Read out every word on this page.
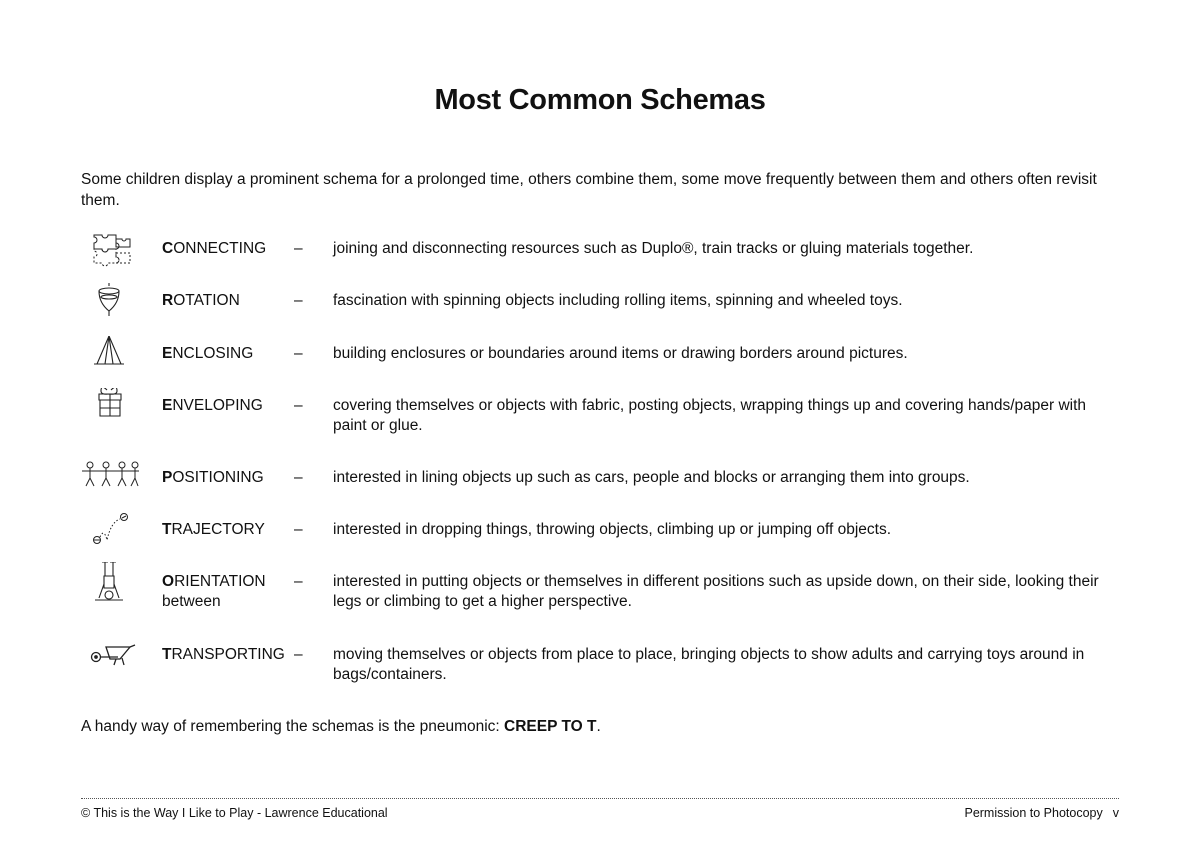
Most Common Schemas

Some children display a prominent schema for a prolonged time, others combine them, some move frequently between them and others often revisit them.

CONNECTING	– joining and disconnecting resources such as Duplo®, train tracks or gluing materials together.
ROTATION	– fascination with spinning objects including rolling items, spinning and wheeled toys.
ENCLOSING	– building enclosures or boundaries around items or drawing borders around pictures.
ENVELOPING	– covering themselves or objects with fabric, posting objects, wrapping things up and covering hands/paper with paint or glue.
POSITIONING	– interested in lining objects up such as cars, people and blocks or arranging them into groups.
TRAJECTORY	– interested in dropping things, throwing objects, climbing up or jumping off objects.
ORIENTATION
between
– interested in putting objects or themselves in different positions such as upside down, on their side, looking their legs or climbing to get a higher perspective.
TRANSPORTING – moving themselves or objects from place to place, bringing objects to show adults and carrying toys around in bags/containers.

A handy way of remembering the schemas is the pneumonic: CREEP TO T.

© This is the Way I Like to Play - Lawrence Educational	Permission to Photocopy v
